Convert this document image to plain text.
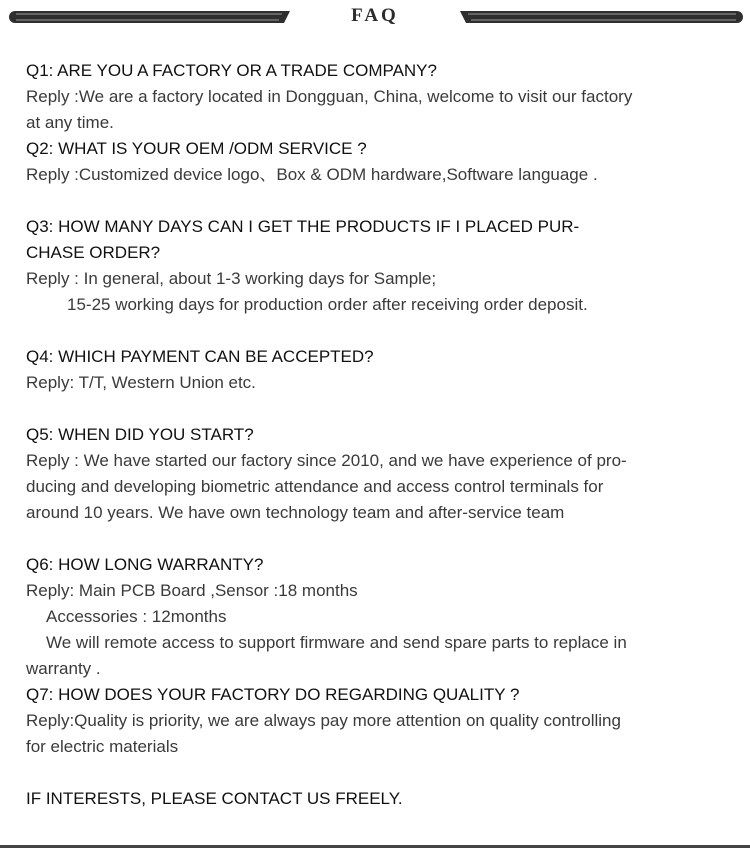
FAQ
Q1: ARE YOU A FACTORY OR A TRADE COMPANY?
Reply :We are a factory located in Dongguan, China, welcome to visit our factory
at any time.
Q2: WHAT IS YOUR OEM /ODM SERVICE ?
Reply :Customized device logo、Box & ODM hardware,Software language .
Q3: HOW MANY DAYS CAN I GET THE PRODUCTS IF I PLACED PUR-
CHASE ORDER?
Reply : In general, about 1-3 working days for Sample;
15-25 working days for production order after receiving order deposit.
Q4: WHICH PAYMENT CAN BE ACCEPTED?
Reply: T/T, Western Union etc.
Q5: WHEN DID YOU START?
Reply : We have started our factory since 2010, and we have experience of pro-
ducing and developing biometric attendance and access control terminals for
around 10 years. We have own technology team and after-service team
Q6: HOW LONG WARRANTY?
Reply: Main PCB Board ,Sensor :18 months
Accessories : 12months
We will remote access to support firmware and send spare parts to replace in
warranty .
Q7: HOW DOES YOUR FACTORY DO REGARDING QUALITY ?
Reply:Quality is priority, we are always pay more attention on quality controlling
for electric materials
IF INTERESTS, PLEASE CONTACT US FREELY.
